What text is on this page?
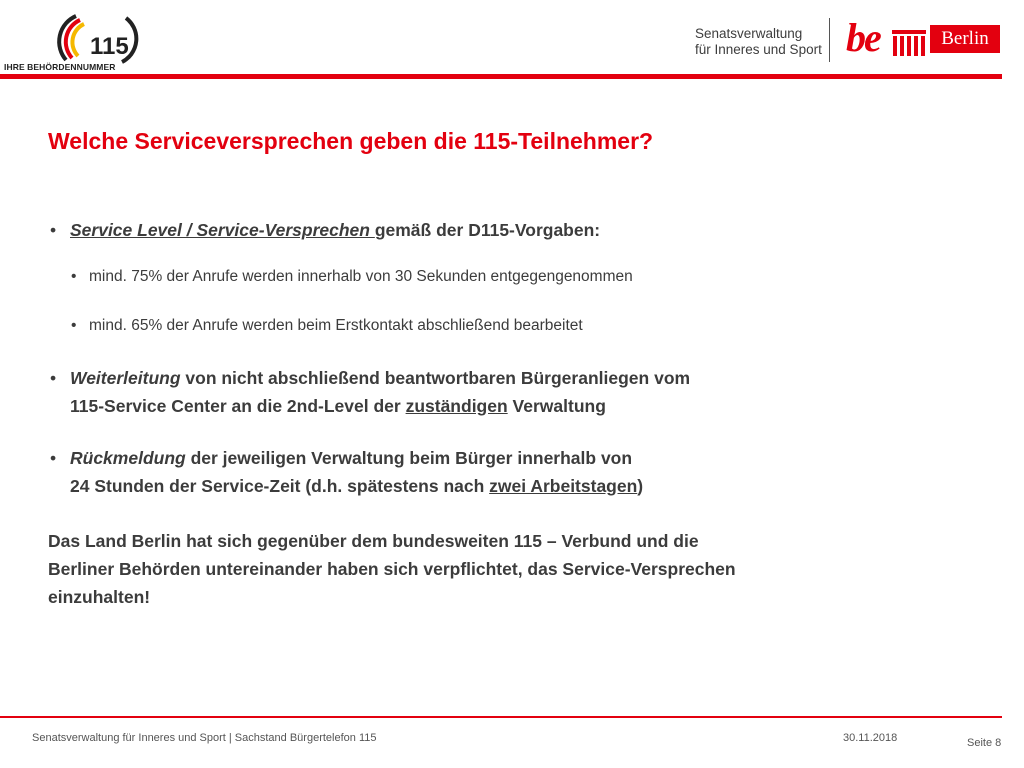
115
IHRE BEHÖRDENNUMMER
Senatsverwaltung
für Inneres und Sport be	Berlin
Welche Serviceversprechen geben die 115-Teilnehmer?
• Service Level / Service-Versprechen gemäß der D115-Vorgaben:
• mind. 75% der Anrufe werden innerhalb von 30 Sekunden entgegengenommen
• mind. 65% der Anrufe werden beim Erstkontakt abschließend bearbeitet
• Weiterleitung von nicht abschließend beantwortbaren Bürgeranliegen vom
115-Service Center an die 2nd-Level der zuständigen Verwaltung
• Rückmeldung der jeweiligen Verwaltung beim Bürger innerhalb von
24 Stunden der Service-Zeit (d.h. spätestens nach zwei Arbeitstagen)
Das Land Berlin hat sich gegenüber dem bundesweiten 115 – Verbund und die
Berliner Behörden untereinander haben sich verpflichtet, das Service-Versprechen
einzuhalten!
Senatsverwaltung für Inneres und Sport | Sachstand Bürgertelefon 115	30.11.2018	Seite 8
